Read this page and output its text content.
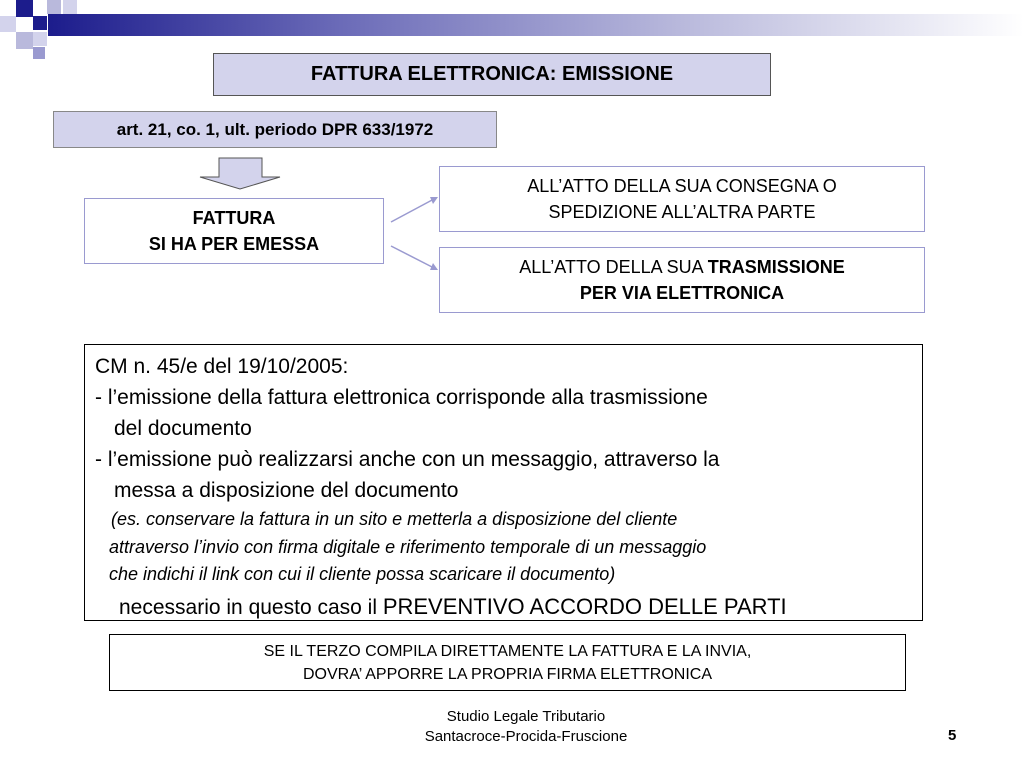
FATTURA ELETTRONICA: EMISSIONE
art. 21, co. 1, ult. periodo DPR 633/1972
FATTURA
SI HA PER EMESSA
ALL’ATTO DELLA SUA CONSEGNA O
SPEDIZIONE ALL’ALTRA PARTE
ALL’ATTO DELLA SUA TRASMISSIONE
PER VIA ELETTRONICA
CM n. 45/e del 19/10/2005:
- l’emissione della fattura elettronica corrisponde alla trasmissione
del documento
- l’emissione può realizzarsi anche con un messaggio, attraverso la
messa a disposizione del documento
(es. conservare la fattura in un sito e metterla a disposizione del cliente
attraverso l’invio con firma digitale e riferimento temporale di un messaggio
che indichi il link con cui il cliente possa scaricare il documento)
necessario in questo caso il PREVENTIVO ACCORDO DELLE PARTI
SE IL TERZO COMPILA DIRETTAMENTE LA FATTURA E LA INVIA,
DOVRA’ APPORRE LA PROPRIA FIRMA ELETTRONICA
Studio Legale Tributario
Santacroce-Procida-Fruscione	5
